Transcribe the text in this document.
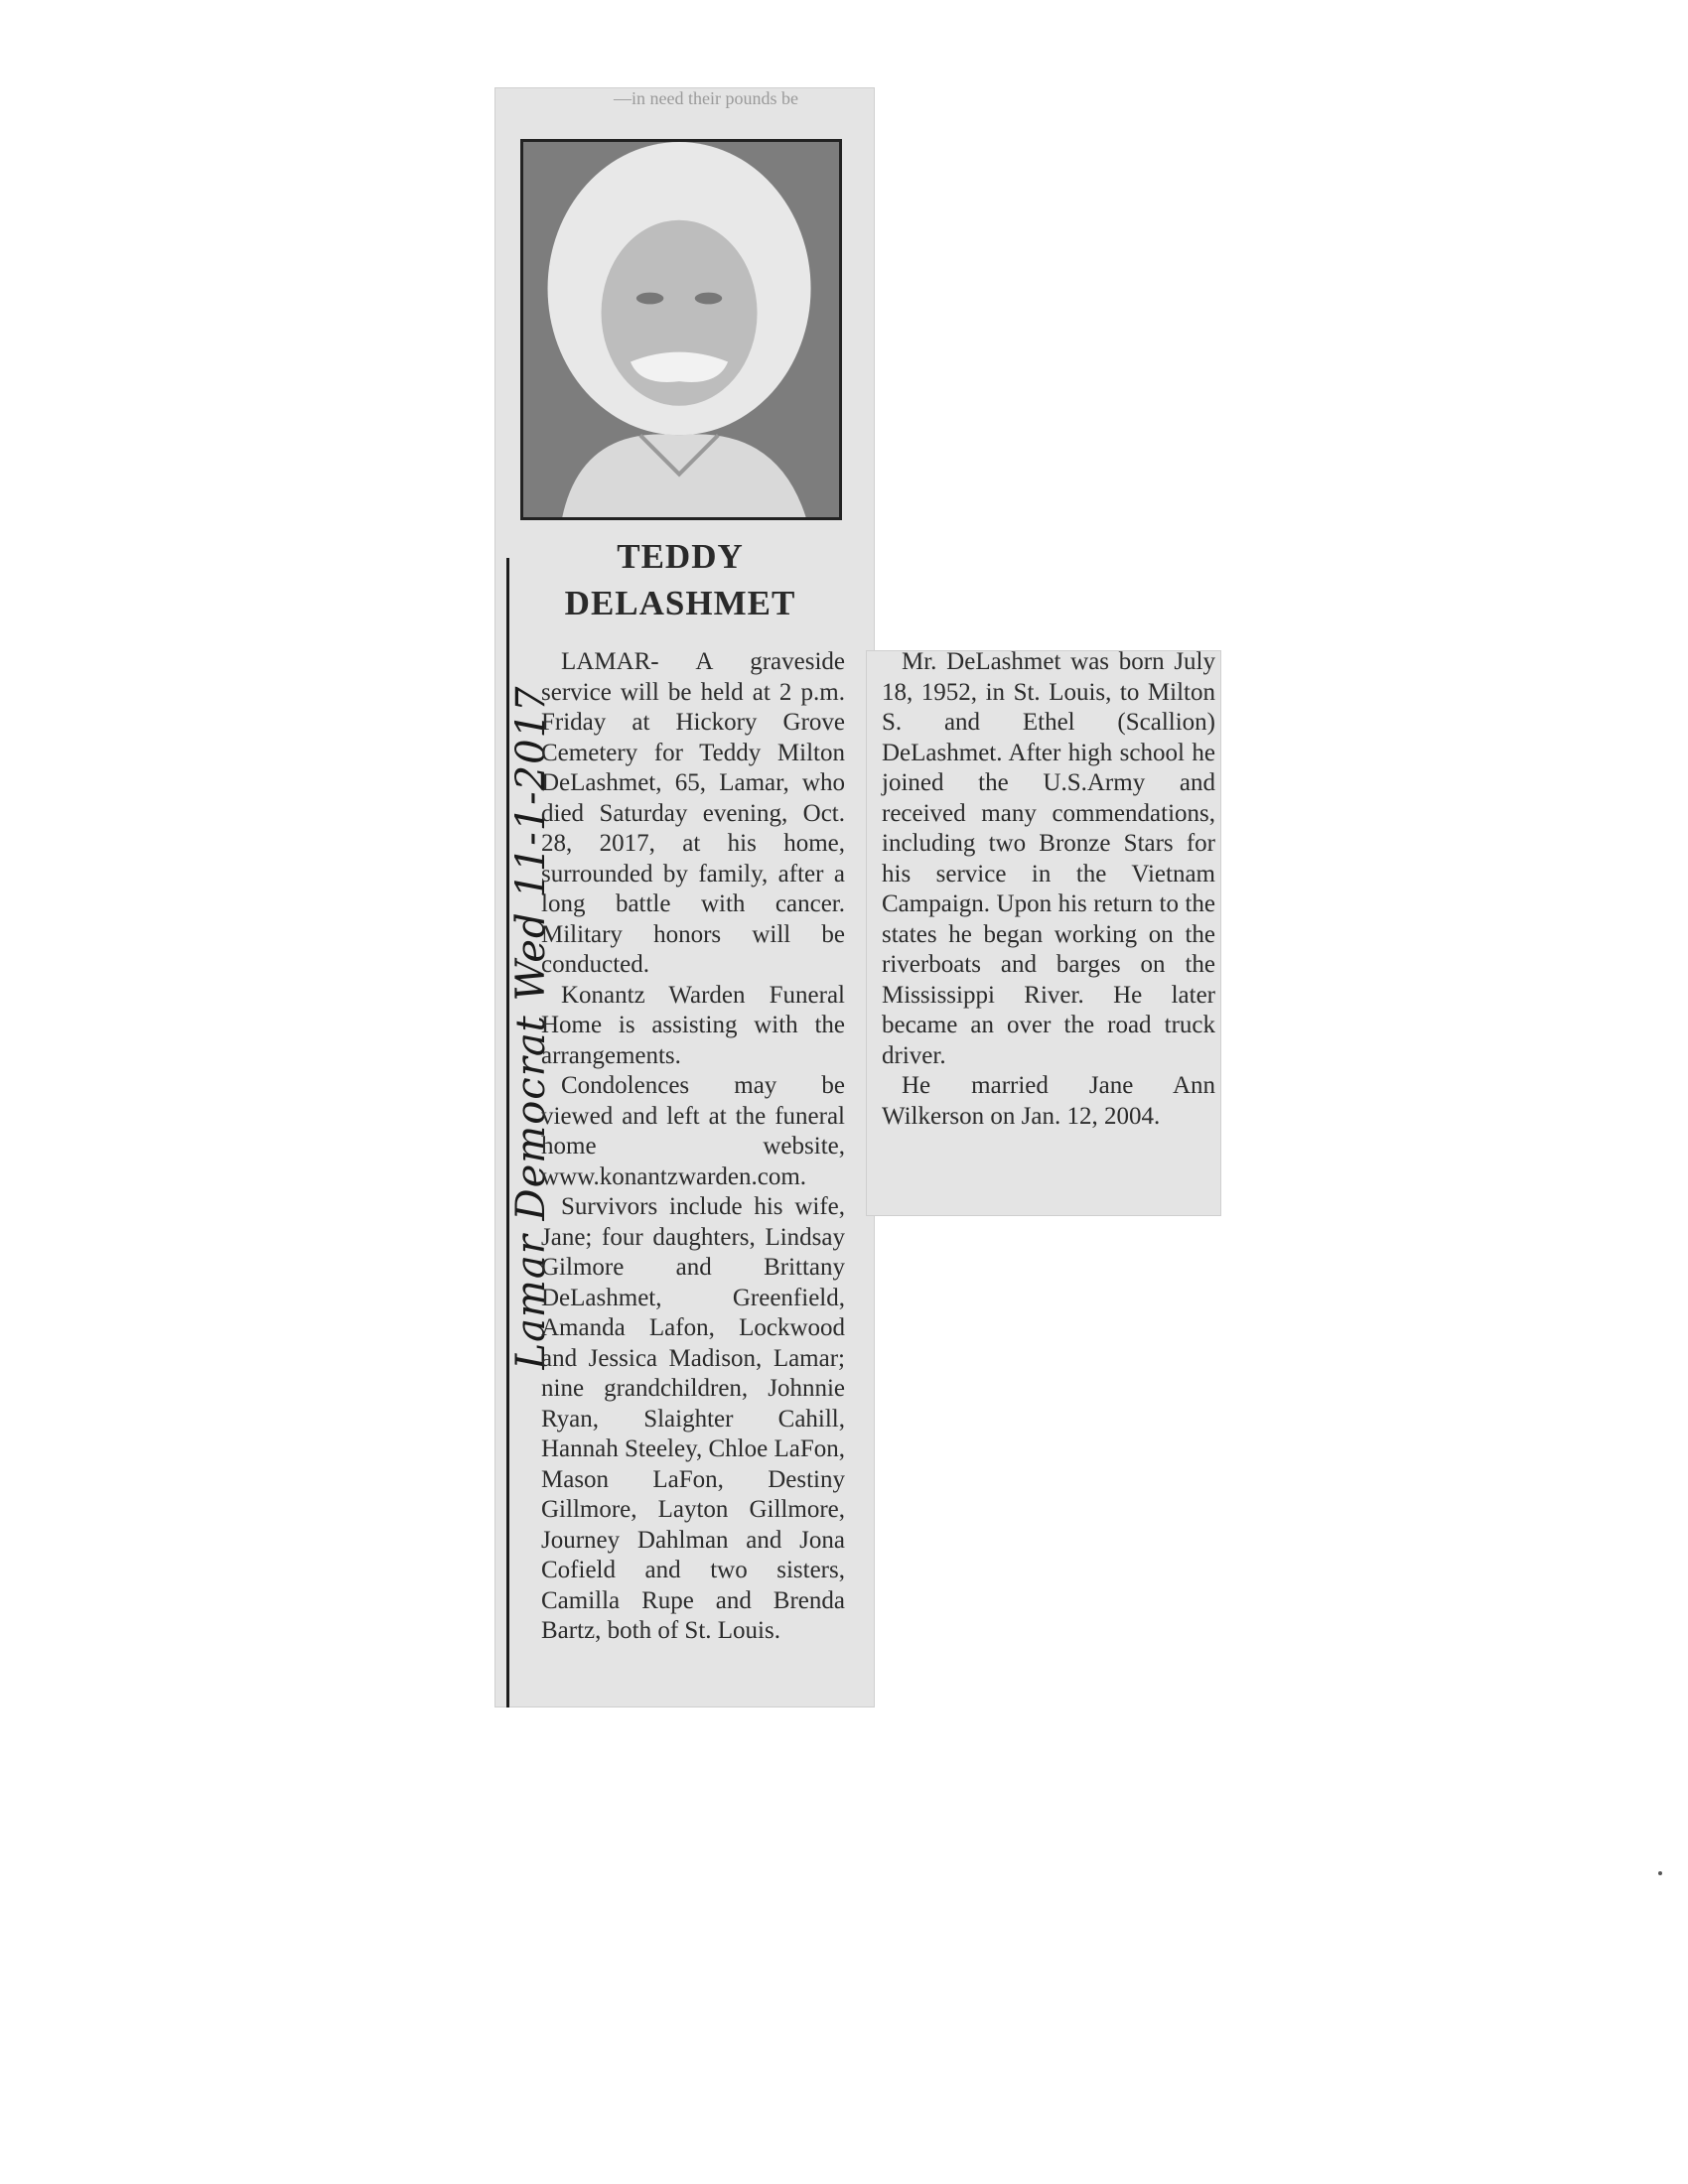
—in need their pounds be
TEDDY
DELASHMET
Lamar Democrat Wed 11-1-2017

LAMAR- A graveside service will be held at 2 p.m. Friday at Hickory Grove Cemetery for Teddy Milton DeLashmet, 65, Lamar, who died Saturday evening, Oct. 28, 2017, at his home, surrounded by family, after a long battle with cancer. Military honors will be conducted.

Konantz Warden Funeral Home is assisting with the arrangements.

Condolences may be viewed and left at the funeral home website, www.konantzwarden.com.

Survivors include his wife, Jane; four daughters, Lindsay Gilmore and Brittany DeLashmet, Greenfield, Amanda Lafon, Lockwood and Jessica Madison, Lamar; nine grandchildren, Johnnie Ryan, Slaighter Cahill, Hannah Steeley, Chloe LaFon, Mason LaFon, Destiny Gillmore, Layton Gillmore, Journey Dahlman and Jona Cofield and two sisters, Camilla Rupe and Brenda Bartz, both of St. Louis.

Mr. DeLashmet was born July 18, 1952, in St. Louis, to Milton S. and Ethel (Scallion) DeLashmet. After high school he joined the U.S.Army and received many commendations, including two Bronze Stars for his service in the Vietnam Campaign. Upon his return to the states he began working on the riverboats and barges on the Mississippi River. He later became an over the road truck driver.

He married Jane Ann Wilkerson on Jan. 12, 2004.
